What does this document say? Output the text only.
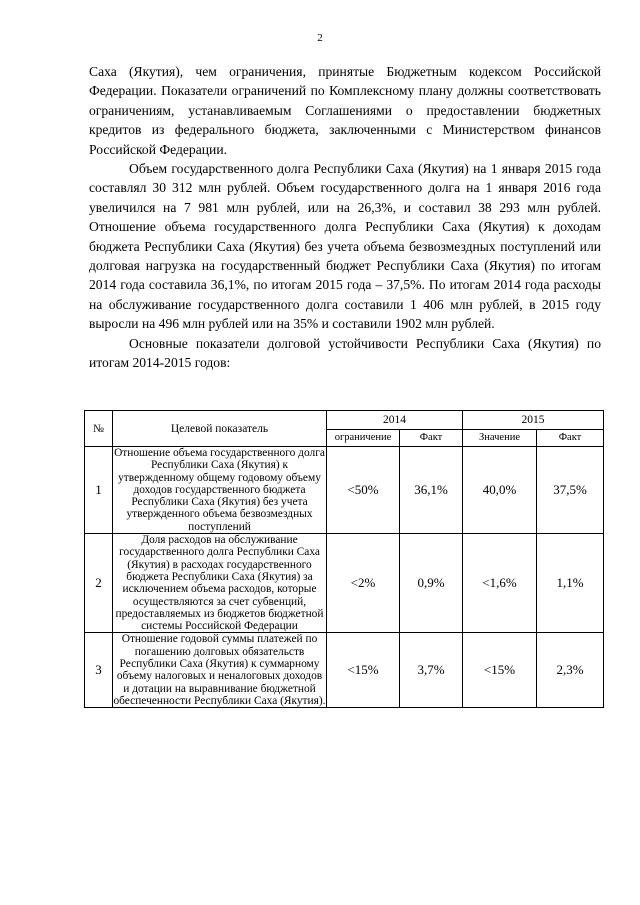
2

Саха (Якутия), чем ограничения, принятые Бюджетным кодексом Российской Федерации. Показатели ограничений по Комплексному плану должны соответствовать ограничениям, устанавливаемым Соглашениями о предоставлении бюджетных кредитов из федерального бюджета, заключенными с Министерством финансов Российской Федерации.

Объем государственного долга Республики Саха (Якутия) на 1 января 2015 года составлял 30 312 млн рублей. Объем государственного долга на 1 января 2016 года увеличился на 7 981 млн рублей, или на 26,3%, и составил 38 293 млн рублей. Отношение объема государственного долга Республики Саха (Якутия) к доходам бюджета Республики Саха (Якутия) без учета объема безвозмездных поступлений или долговая нагрузка на государственный бюджет Республики Саха (Якутия) по итогам 2014 года составила 36,1%, по итогам 2015 года – 37,5%. По итогам 2014 года расходы на обслуживание государственного долга составили 1 406 млн рублей, в 2015 году выросли на 496 млн рублей или на 35% и составили 1902 млн рублей.

Основные показатели долговой устойчивости Республики Саха (Якутия) по итогам 2014-2015 годов:

№	Целевой показатель	2014		2015	
		ограничение	Факт	Значение	Факт
1	Отношение объема государственного долга Республики Саха (Якутия) к утвержденному общему годовому объему доходов государственного бюджета Республики Саха (Якутия) без учета утвержденного объема безвозмездных поступлений	<50%	36,1%	40,0%	37,5%
2	Доля расходов на обслуживание государственного долга Республики Саха (Якутия) в расходах государственного бюджета Республики Саха (Якутия) за исключением объема расходов, которые осуществляются за счет субвенций, предоставляемых из бюджетов бюджетной системы Российской Федерации	<2%	0,9%	<1,6%	1,1%
3	Отношение годовой суммы платежей по погашению долговых обязательств Республики Саха (Якутия) к суммарному объему налоговых и неналоговых доходов и дотации на выравнивание бюджетной обеспеченности Республики Саха (Якутия).	<15%	3,7%	<15%	2,3%
